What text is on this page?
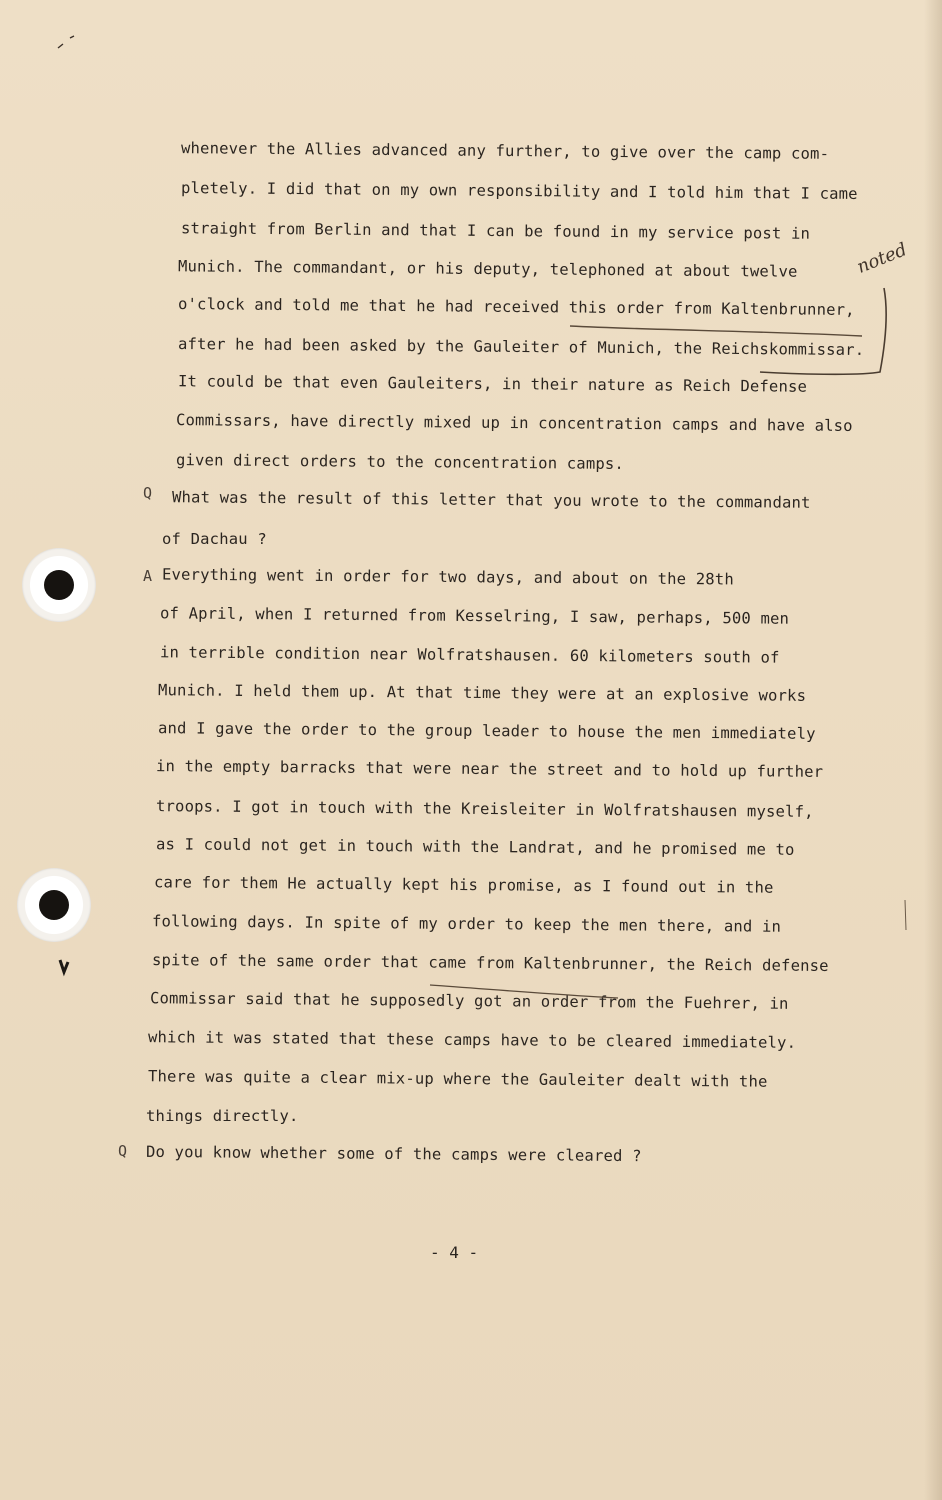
whenever the Allies advanced any further, to give over the camp com-
pletely. I did that on my own responsibility and I told him that I came
straight from Berlin and that I can be found in my service post in
Munich. The commandant, or his deputy, telephoned at about twelve
o'clock and told me that he had received this order from Kaltenbrunner,
after he had been asked by the Gauleiter of Munich, the Reichskommissar.
It could be that even Gauleiters, in their nature as Reich Defense
Commissars, have directly mixed up in concentration camps and have also
given direct orders to the concentration camps.
Q What was the result of this letter that you wrote to the commandant
of Dachau ?
A Everything went in order for two days, and about on the 28th
of April, when I returned from Kesselring, I saw, perhaps, 500 men
in terrible condition near Wolfratshausen. 60 kilometers south of
Munich. I held them up. At that time they were at an explosive works
and I gave the order to the group leader to house the men immediately
in the empty barracks that were near the street and to hold up further
troops. I got in touch with the Kreisleiter in Wolfratshausen myself,
as I could not get in touch with the Landrat, and he promised me to
care for them He actually kept his promise, as I found out in the
following days. In spite of my order to keep the men there, and in
spite of the same order that came from Kaltenbrunner, the Reich defense
Commissar said that he supposedly got an order from the Fuehrer, in
which it was stated that these camps have to be cleared immediately.
There was quite a clear mix-up where the Gauleiter dealt with the
things directly.
Q Do you know whether some of the camps were cleared ?
- 4 -
noted
